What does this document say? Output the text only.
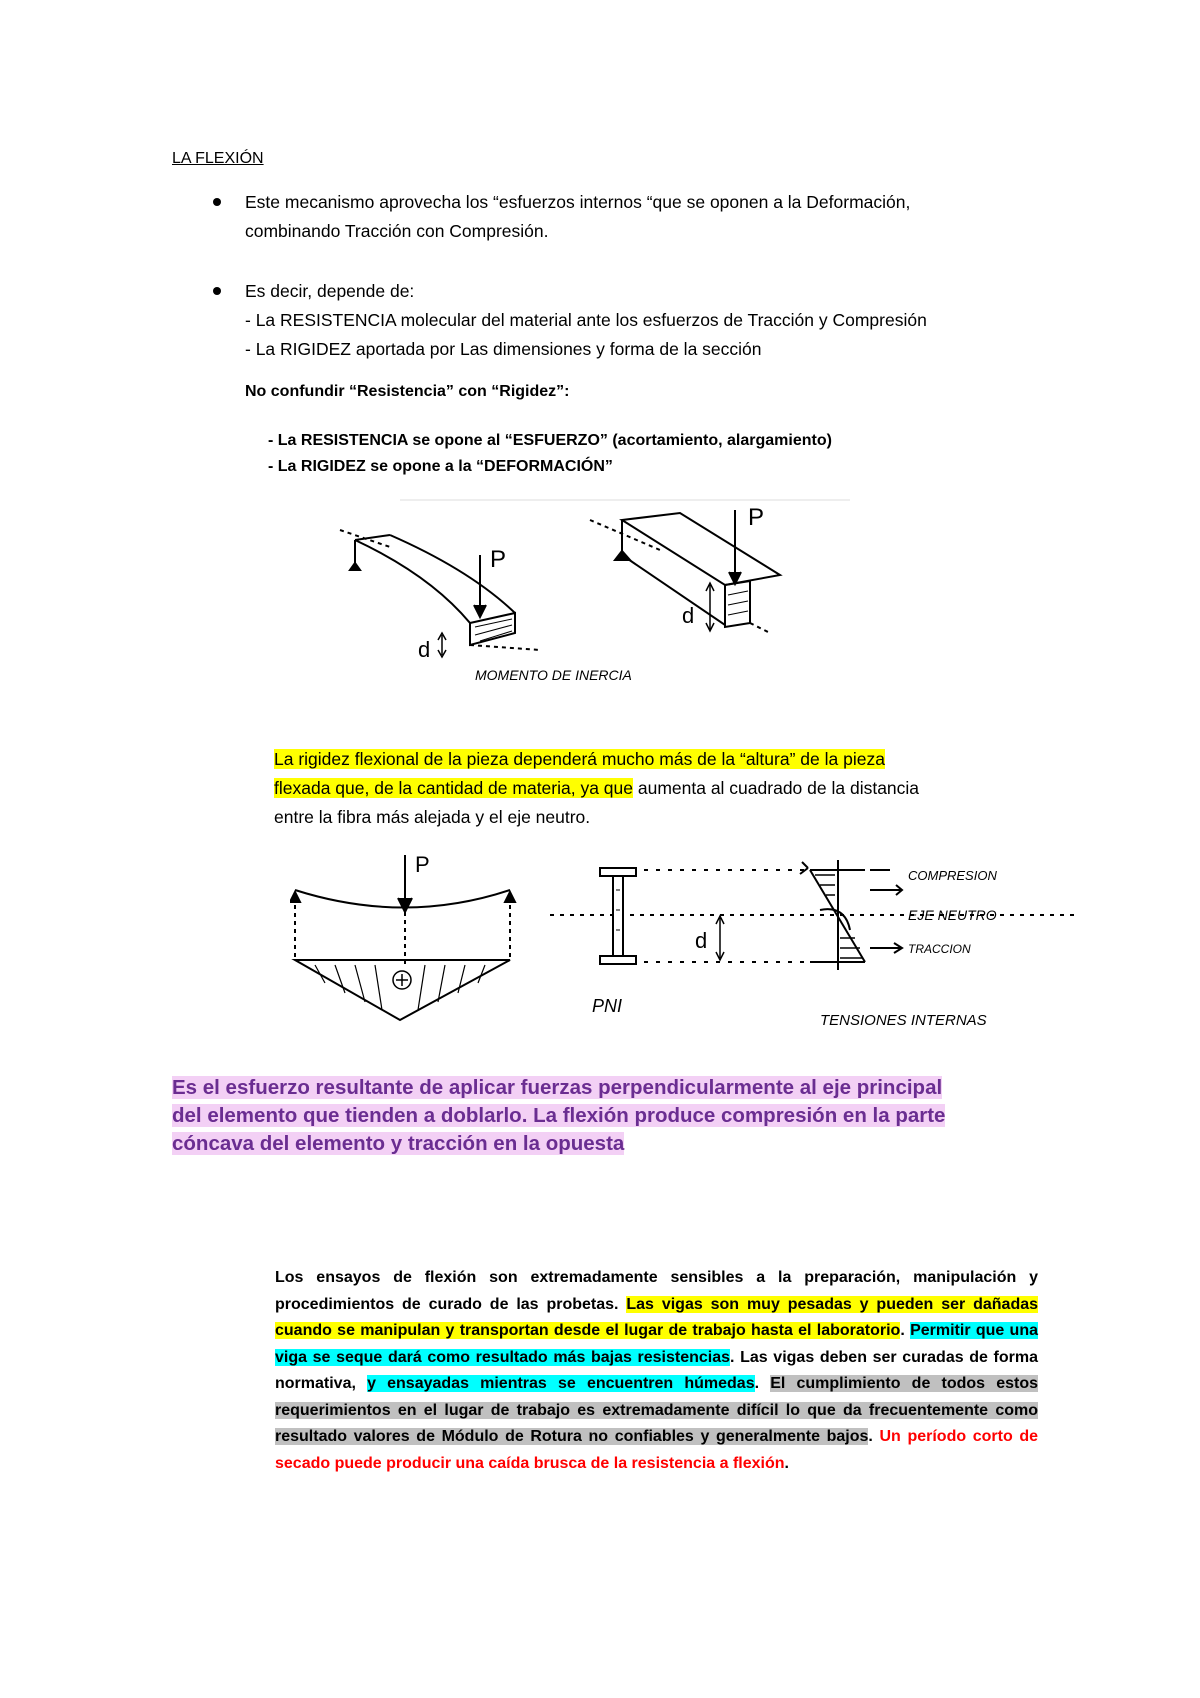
LA FLEXIÓN
Este mecanismo aprovecha los “esfuerzos internos “que se oponen a la Deformación,
combinando Tracción con Compresión.
Es decir, depende de:
- La RESISTENCIA molecular del material ante los esfuerzos de Tracción y Compresión
- La RIGIDEZ aportada por Las dimensiones y forma de la sección
No confundir “Resistencia” con “Rigidez”:
- La RESISTENCIA se opone al “ESFUERZO” (acortamiento, alargamiento)
- La RIGIDEZ se opone a la “DEFORMACIÓN”
P
d
P
d
MOMENTO DE INERCIA
La rigidez flexional de la pieza dependerá mucho más de la “altura” de la pieza
flexada que, de la cantidad de materia, ya que aumenta al cuadrado de la distancia
entre la fibra más alejada y el eje neutro.
P
PNI
d
COMPRESION
EJE NEUTRO
TRACCION
TENSIONES INTERNAS
Es el esfuerzo resultante de aplicar fuerzas perpendicularmente al eje principal
del elemento que tienden a doblarlo. La flexión produce compresión en la parte
cóncava del elemento y tracción en la opuesta
Los ensayos de flexión son extremadamente sensibles a la preparación, manipulación y procedimientos de curado de las probetas. Las vigas son muy pesadas y pueden ser dañadas cuando se manipulan y transportan desde el lugar de trabajo hasta el laboratorio. Permitir que una viga se seque dará como resultado más bajas resistencias. Las vigas deben ser curadas de forma normativa, y ensayadas mientras se encuentren húmedas. El cumplimiento de todos estos requerimientos en el lugar de trabajo es extremadamente difícil lo que da frecuentemente como resultado valores de Módulo de Rotura no confiables y generalmente bajos. Un período corto de secado puede producir una caída brusca de la resistencia a flexión.
